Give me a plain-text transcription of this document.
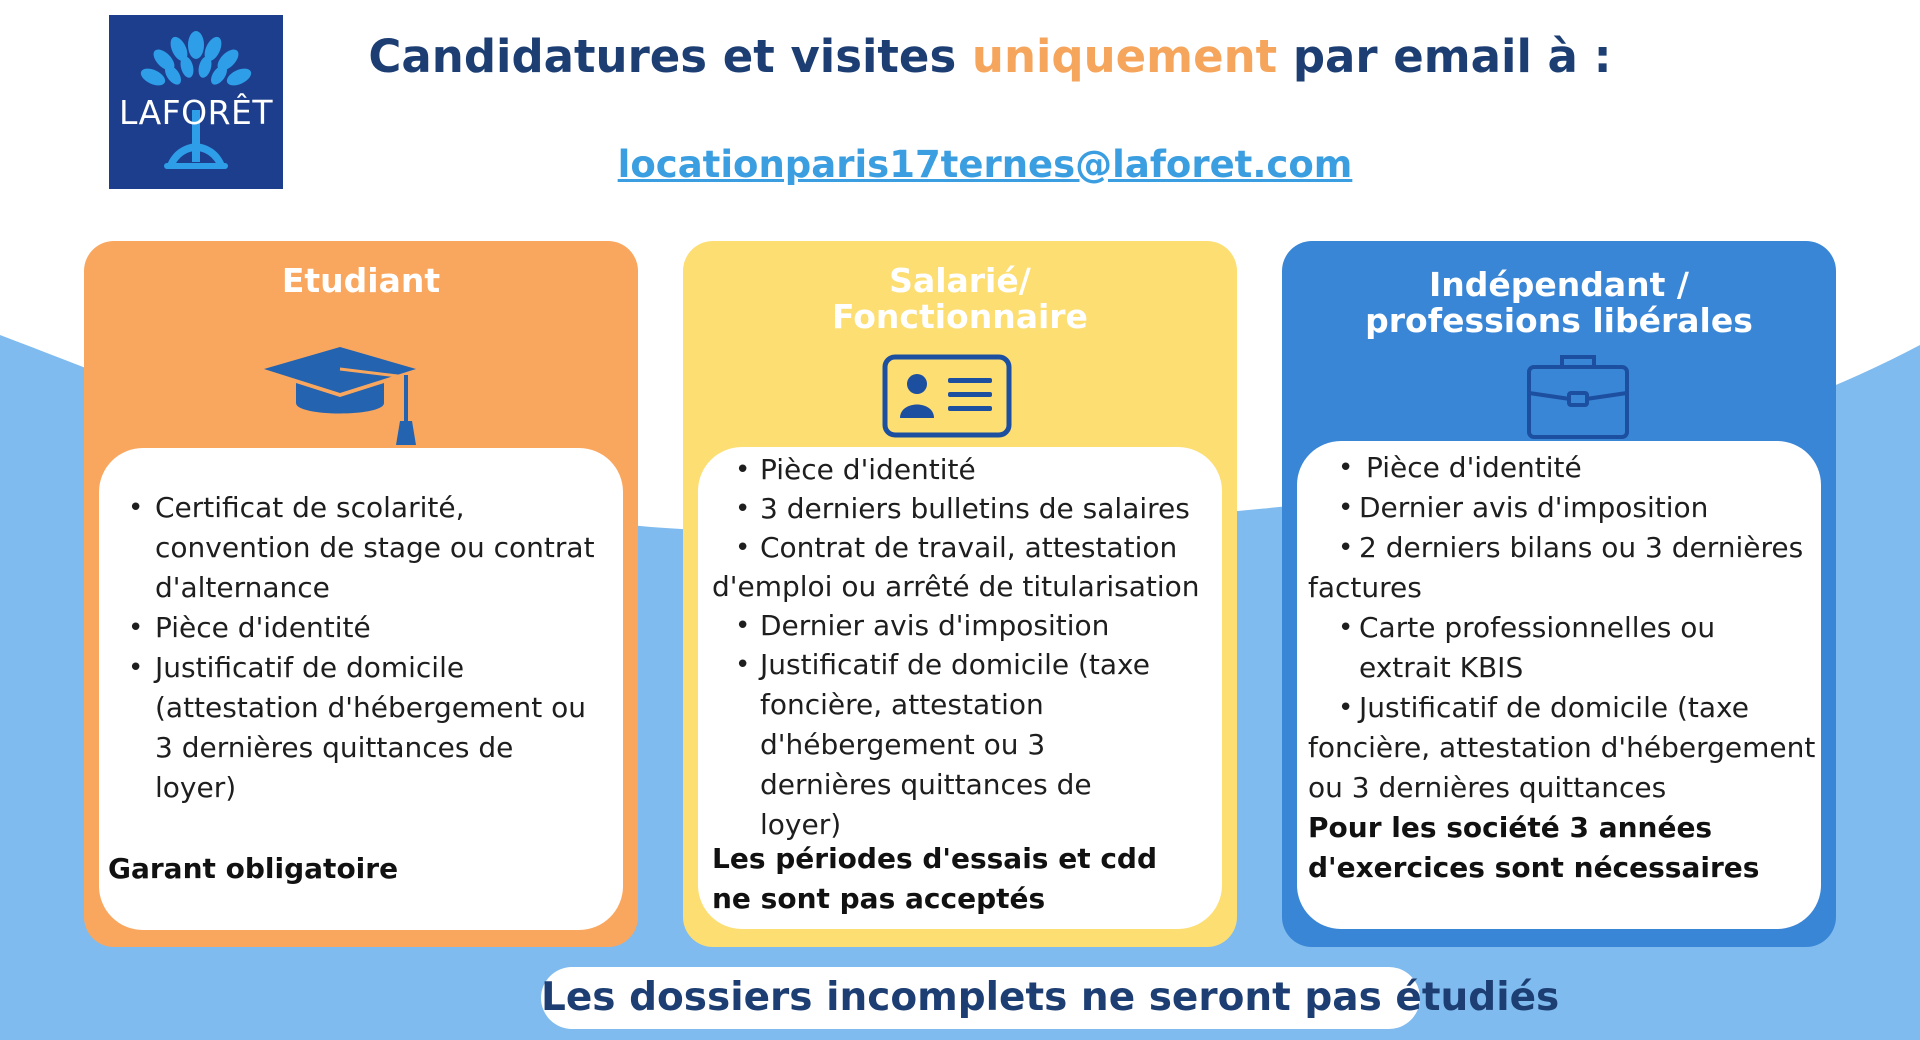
LAFORÊT
Candidatures et visites uniquement par email à :
locationparis17ternes@laforet.com
Etudiant
• Certificat de scolarité, convention de stage ou contrat d'alternance
• Pièce d'identité
• Justificatif de domicile (attestation d'hébergement ou 3 dernières quittances de loyer)
Garant obligatoire
Salarié/
Fonctionnaire
• Pièce d'identité
• 3 derniers bulletins de salaires
• Contrat de travail, attestation
d'emploi ou arrêté de titularisation
• Dernier avis d'imposition
• Justificatif de domicile (taxe foncière, attestation d'hébergement ou 3 dernières quittances de loyer)
Les périodes d'essais et cdd
ne sont pas acceptés
Indépendant /
professions libérales
• Pièce d'identité
• Dernier avis d'imposition
• 2 derniers bilans ou 3 dernières
factures
• Carte professionnelles ou extrait KBIS
• Justificatif de domicile (taxe
foncière, attestation d'hébergement
ou 3 dernières quittances
Pour les société 3 années
d'exercices sont nécessaires
Les dossiers incomplets ne seront pas étudiés
